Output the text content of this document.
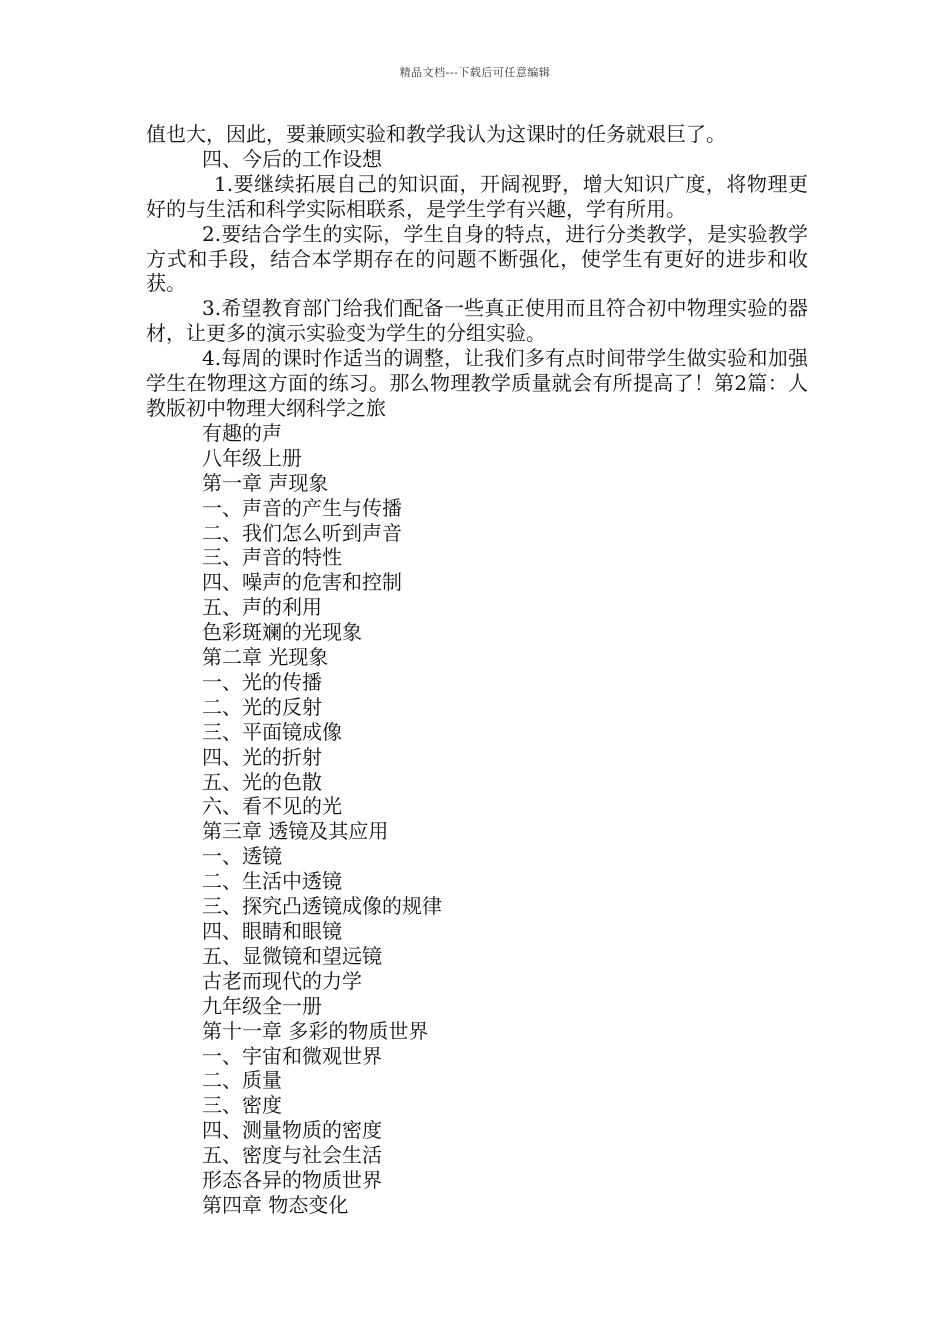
精品文档---下载后可任意编辑

值也大，因此，要兼顾实验和教学我认为这课时的任务就艰巨了。

四、今后的工作设想

1.要继续拓展自己的知识面，开阔视野，增大知识广度，将物理更好的与生活和科学实际相联系，是学生学有兴趣，学有所用。

2.要结合学生的实际，学生自身的特点，进行分类教学，是实验教学方式和手段，结合本学期存在的问题不断强化，使学生有更好的进步和收获。

3.希望教育部门给我们配备一些真正使用而且符合初中物理实验的器材，让更多的演示实验变为学生的分组实验。

4.每周的课时作适当的调整，让我们多有点时间带学生做实验和加强学生在物理这方面的练习。那么物理教学质量就会有所提高了！第2篇：人教版初中物理大纲科学之旅

有趣的声
八年级上册
第一章 声现象
一、声音的产生与传播
二、我们怎么听到声音
三、声音的特性
四、噪声的危害和控制
五、声的利用
色彩斑斓的光现象
第二章 光现象
一、光的传播
二、光的反射
三、平面镜成像
四、光的折射
五、光的色散
六、看不见的光
第三章 透镜及其应用
一、透镜
二、生活中透镜
三、探究凸透镜成像的规律
四、眼睛和眼镜
五、显微镜和望远镜
古老而现代的力学
九年级全一册
第十一章 多彩的物质世界
一、宇宙和微观世界
二、质量
三、密度
四、测量物质的密度
五、密度与社会生活
形态各异的物质世界
第四章 物态变化
